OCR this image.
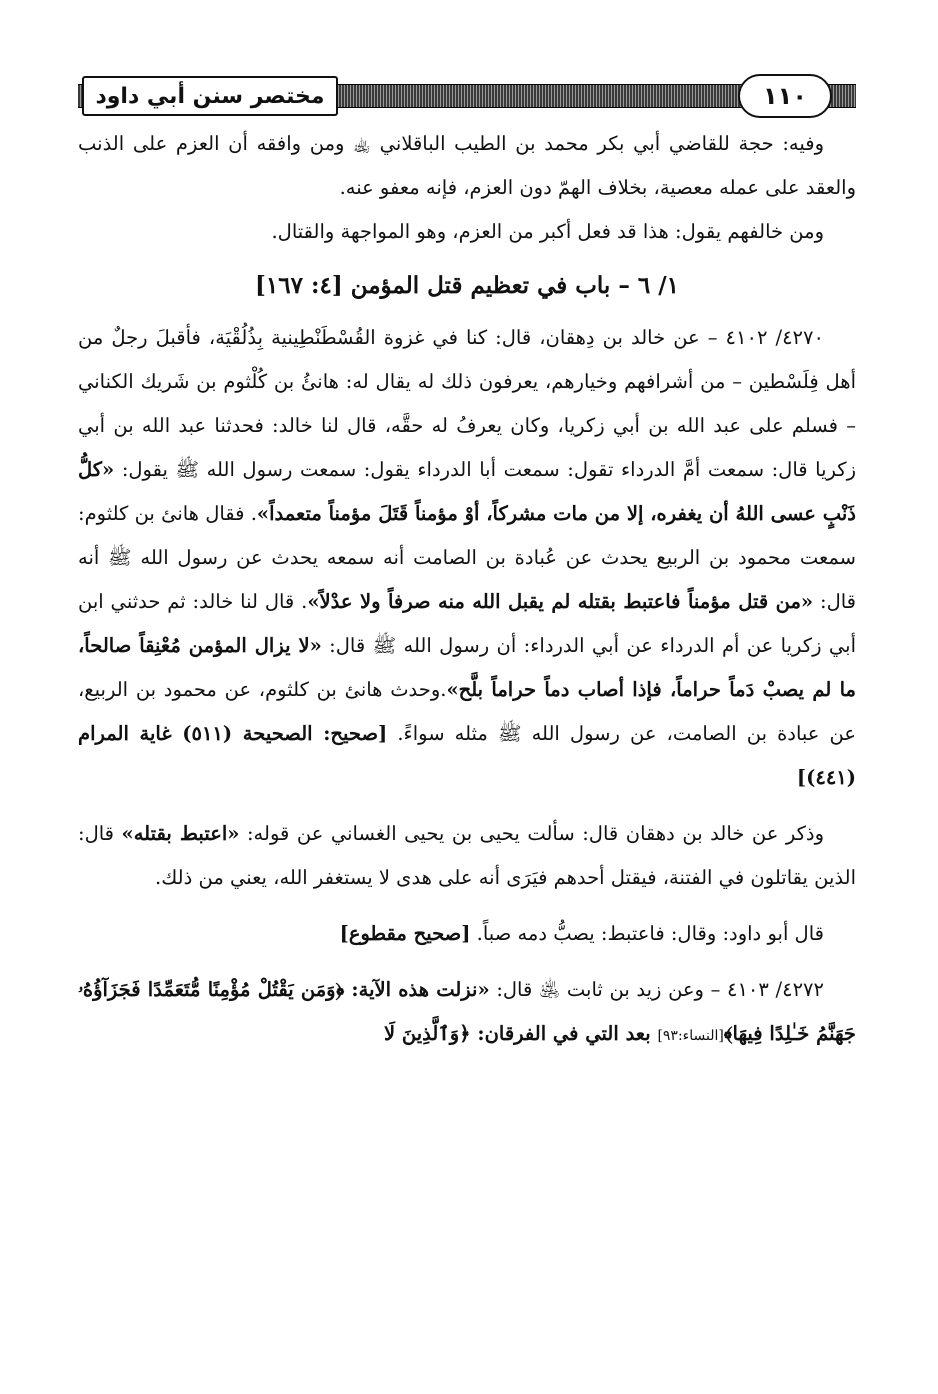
مختصر سنن أبي داود	١١٠

وفيه: حجة للقاضي أبي بكر محمد بن الطيب الباقلاني ﵀ ومن وافقه أن العزم على الذنب والعقد على عمله معصية، بخلاف الهمّ دون العزم، فإنه معفو عنه.

ومن خالفهم يقول: هذا قد فعل أكبر من العزم، وهو المواجهة والقتال.

١/ ٦ – باب في تعظيم قتل المؤمن [٤: ١٦٧]

٤٢٧٠/ ٤١٠٢ – عن خالد بن دِهقان، قال: كنا في غزوة القُسْطَنْطِينية بِذُلُقْيَة، فأقبلَ رجلٌ من أهل فِلَسْطين – من أشرافهم وخيارهم، يعرفون ذلك له يقال له: هانئُ بن كُلْثوم بن شَريك الكناني – فسلم على عبد الله بن أبي زكريا، وكان يعرفُ له حقَّه، قال لنا خالد: فحدثنا عبد الله بن أبي زكريا قال: سمعت أمَّ الدرداء تقول: سمعت أبا الدرداء يقول: سمعت رسول الله ﷺ يقول: «كلُّ ذَنْبٍ عسى اللهُ أن يغفره، إلا من مات مشركاً، أوْ مؤمناً قَتَلَ مؤمناً متعمداً». فقال هانئ بن كلثوم: سمعت محمود بن الربيع يحدث عن عُبادة بن الصامت أنه سمعه يحدث عن رسول الله ﷺ أنه قال: «من قتل مؤمناً فاعتبط بقتله لم يقبل الله منه صرفاً ولا عدْلاً». قال لنا خالد: ثم حدثني ابن أبي زكريا عن أم الدرداء عن أبي الدرداء: أن رسول الله ﷺ قال: «لا يزال المؤمن مُعْنِقاً صالحاً، ما لم يصبْ دَماً حراماً، فإذا أصاب دماً حراماً بلَّح».وحدث هانئ بن كلثوم، عن محمود بن الربيع، عن عبادة بن الصامت، عن رسول الله ﷺ مثله سواءً. [صحيح: الصحيحة (٥١١) غاية المرام (٤٤١)]

وذكر عن خالد بن دهقان قال: سألت يحيى بن يحيى الغساني عن قوله: «اعتبط بقتله» قال: الذين يقاتلون في الفتنة، فيقتل أحدهم فيَرَى أنه على هدى لا يستغفر الله، يعني من ذلك.

قال أبو داود: وقال: فاعتبط: يصبُّ دمه صباً. [صحيح مقطوع]

٤٢٧٢/ ٤١٠٣ – وعن زيد بن ثابت ﵁ قال: «نزلت هذه الآية: ﴿وَمَن يَقْتُلْ مُؤْمِنًا مُّتَعَمِّدًا فَجَزَآؤُهُۥ جَهَنَّمُ خَـٰلِدًا فِيهَا﴾[النساء:٩٣] بعد التي في الفرقان: ﴿وَٱلَّذِينَ لَا
